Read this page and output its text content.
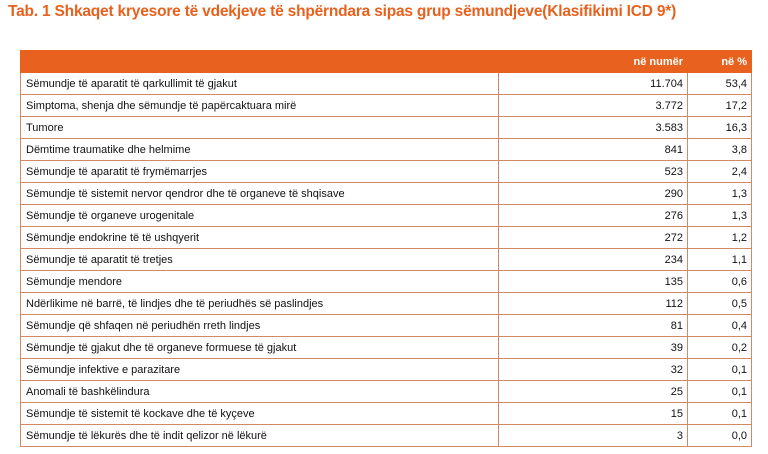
Tab. 1 Shkaqet kryesore të vdekjeve të shpërndara sipas grup sëmundjeve(Klasifikimi ICD 9*)
	në numër	në %
Sëmundje të aparatit të qarkullimit të gjakut	11.704	53,4
Simptoma, shenja dhe sëmundje të papërcaktuara mirë	3.772	17,2
Tumore	3.583	16,3
Dëmtime traumatike dhe helmime	841	3,8
Sëmundje të aparatit të frymëmarrjes	523	2,4
Sëmundje të sistemit nervor qendror dhe të organeve të shqisave	290	1,3
Sëmundje të organeve urogenitale	276	1,3
Sëmundje endokrine të të ushqyerit	272	1,2
Sëmundje të aparatit të tretjes	234	1,1
Sëmundje mendore	135	0,6
Ndërlikime në barrë, të lindjes dhe të periudhës së paslindjes	112	0,5
Sëmundje që shfaqen në periudhën rreth lindjes	81	0,4
Sëmundje të gjakut dhe të organeve formuese të gjakut	39	0,2
Sëmundje infektive e parazitare	32	0,1
Anomali të bashkëlindura	25	0,1
Sëmundje të sistemit të kockave dhe të kyçeve	15	0,1
Sëmundje të lëkurës dhe të indit qelizor në lëkurë	3	0,0
